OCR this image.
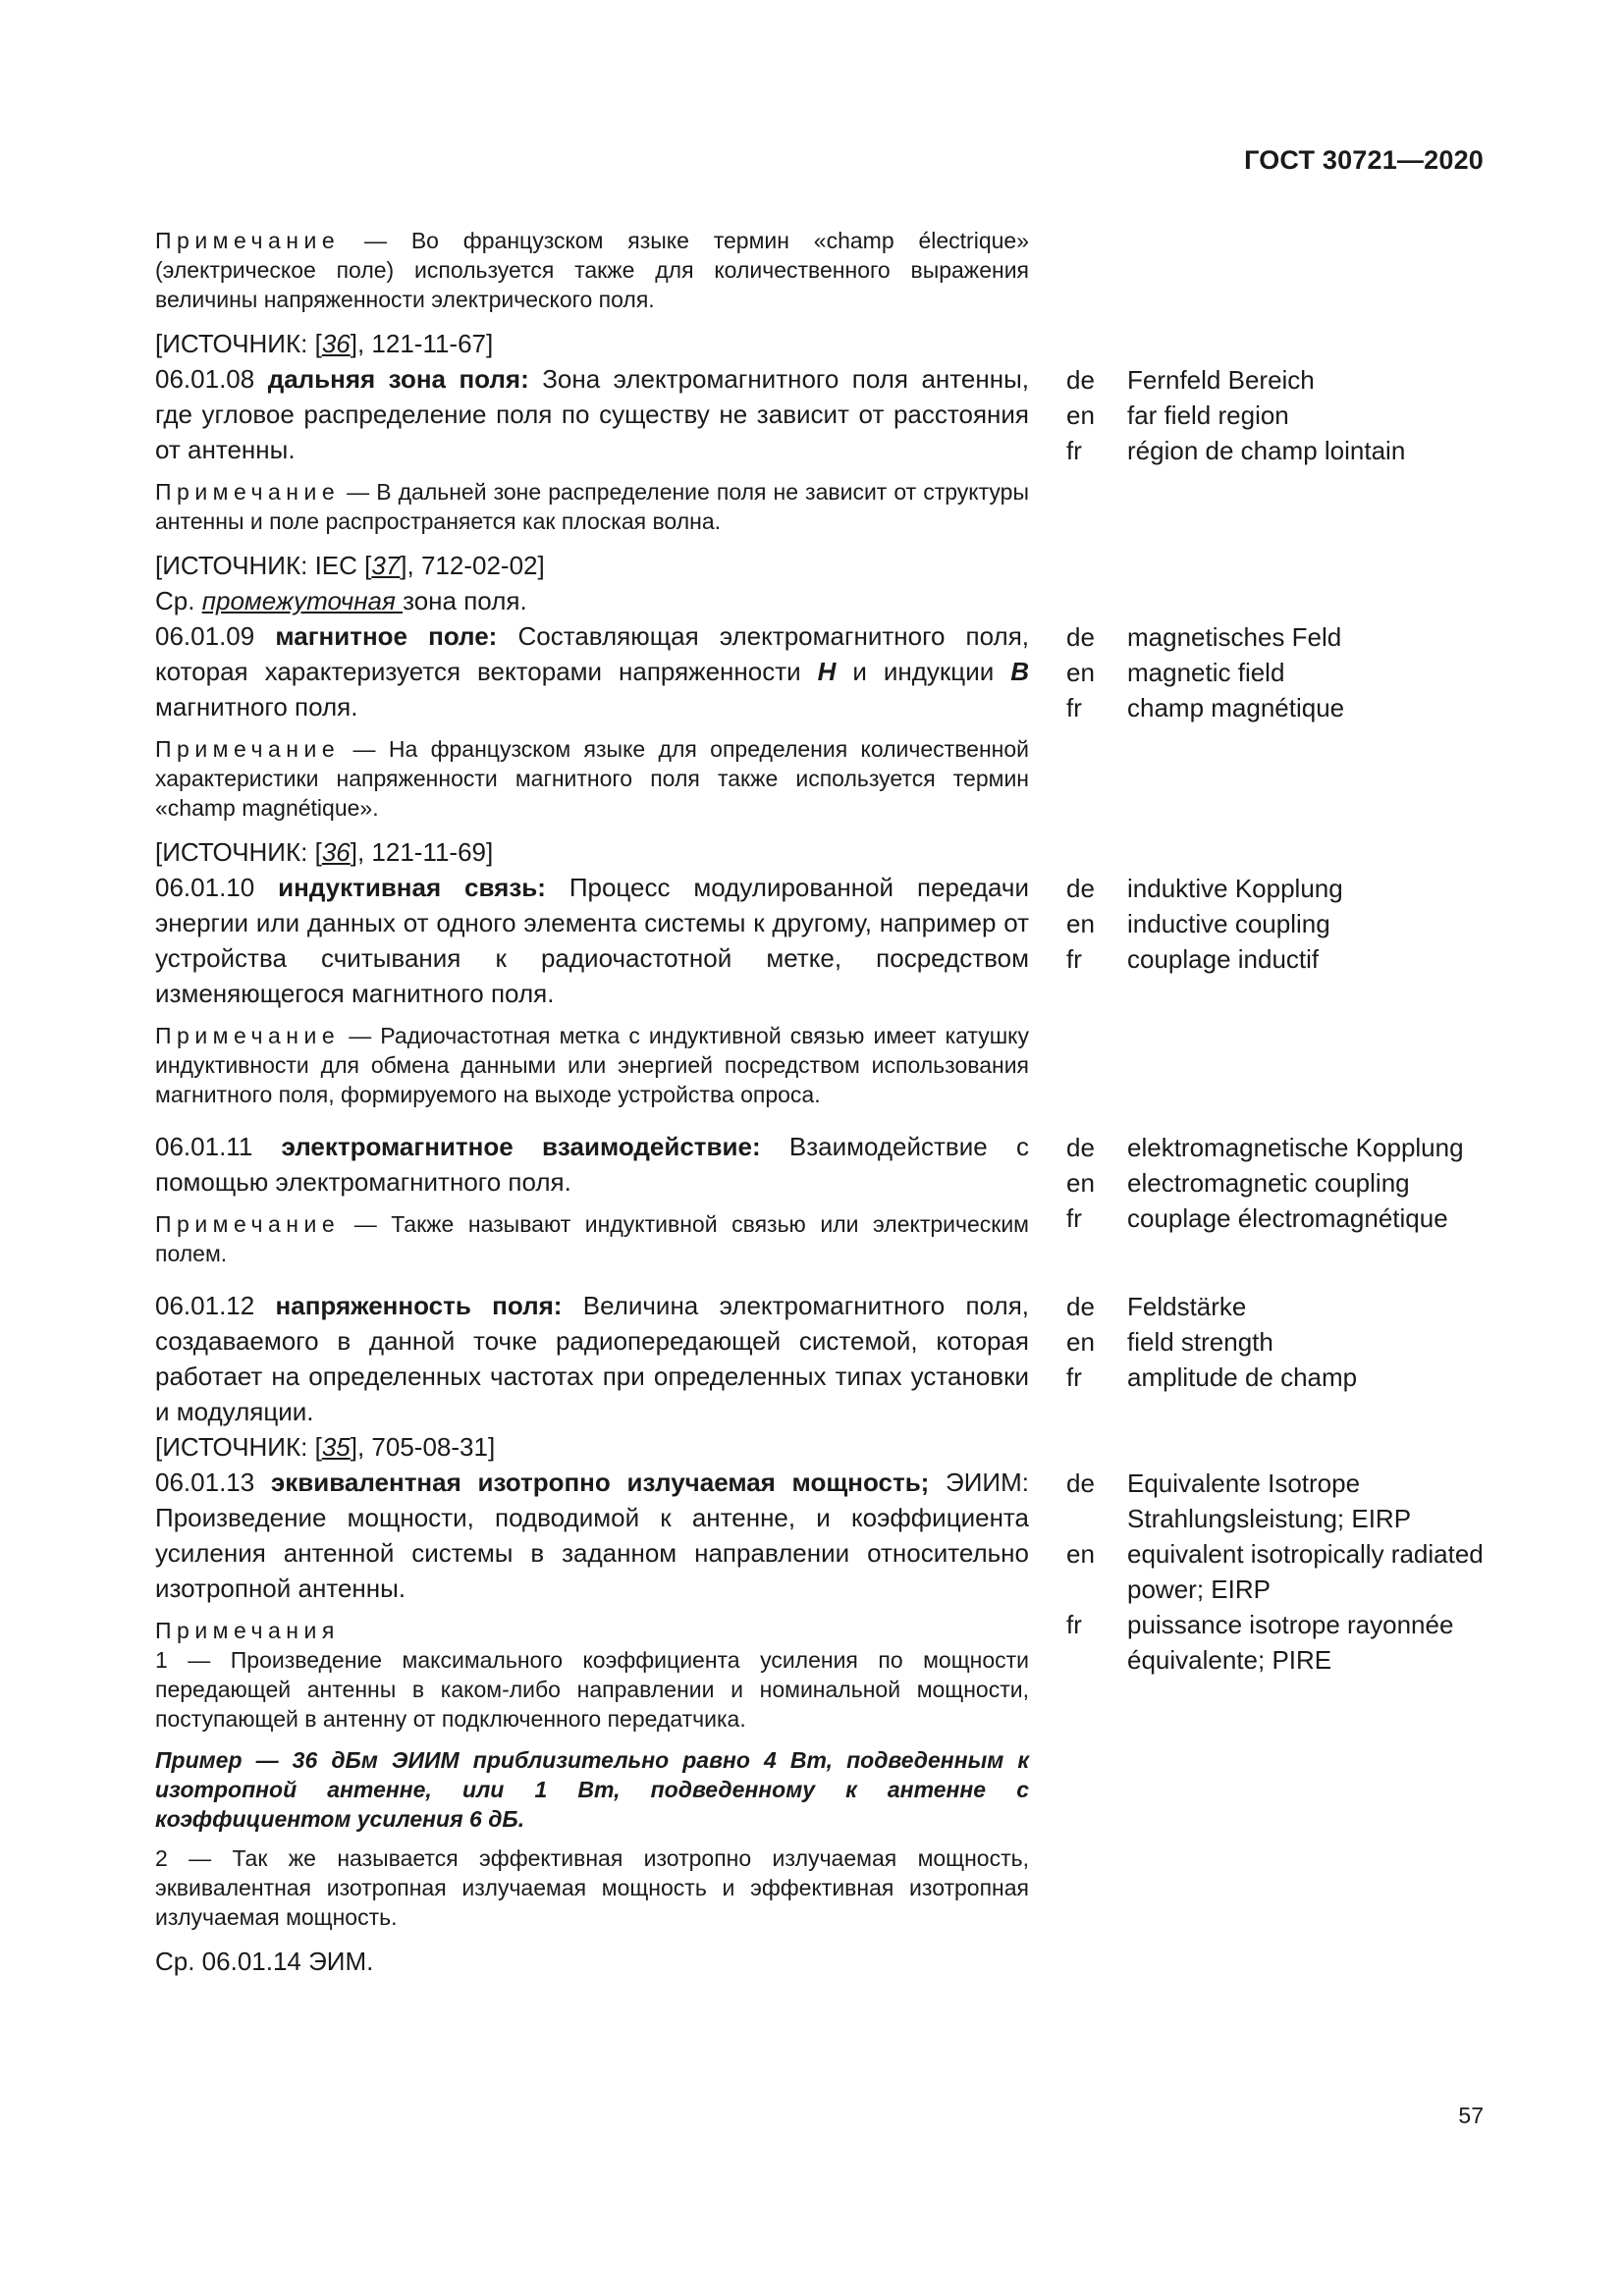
ГОСТ 30721—2020
Примечание — Во французском языке термин «champ électrique» (электрическое поле) используется также для количественного выражения величины напряженности электрического поля.
[ИСТОЧНИК: [36], 121-11-67]
06.01.08 дальняя зона поля: Зона электромагнитного поля антенны, где угловое распределение поля по существу не зависит от расстояния от антенны.
Примечание — В дальней зоне распределение поля не зависит от структуры антенны и поле распространяется как плоская волна.
[ИСТОЧНИК: IEC [37], 712-02-02]
Ср. промежуточная зона поля.
de	Fernfeld Bereich
en	far field region
fr	région de champ lointain
06.01.09 магнитное поле: Составляющая электромагнитного поля, которая характеризуется векторами напряженности H и индукции B магнитного поля.
Примечание — На французском языке для определения количественной характеристики напряженности магнитного поля также используется термин «champ magnétique».
[ИСТОЧНИК: [36], 121-11-69]
de	magnetisches Feld
en	magnetic field
fr	champ magnétique
06.01.10 индуктивная связь: Процесс модулированной передачи энергии или данных от одного элемента системы к другому, например от устройства считывания к радиочастотной метке, посредством изменяющегося магнитного поля.
Примечание — Радиочастотная метка с индуктивной связью имеет катушку индуктивности для обмена данными или энергией посредством использования магнитного поля, формируемого на выходе устройства опроса.
de	induktive Kopplung
en	inductive coupling
fr	couplage inductif
06.01.11 электромагнитное взаимодействие: Взаимодействие с помощью электромагнитного поля.
Примечание — Также называют индуктивной связью или электрическим полем.
de	elektromagnetische Kopplung
en	electromagnetic coupling
fr	couplage électromagnétique
06.01.12 напряженность поля: Величина электромагнитного поля, создаваемого в данной точке радиопередающей системой, которая работает на определенных частотах при определенных типах установки и модуляции.
[ИСТОЧНИК: [35], 705-08-31]
de	Feldstärke
en	field strength
fr	amplitude de champ
06.01.13 эквивалентная изотропно излучаемая мощность; ЭИИМ: Произведение мощности, подводимой к антенне, и коэффициента усиления антенной системы в заданном направлении относительно изотропной антенны.
Примечания
1 — Произведение максимального коэффициента усиления по мощности передающей антенны в каком-либо направлении и номинальной мощности, поступающей в антенну от подключенного передатчика.
Пример — 36 дБм ЭИИМ приблизительно равно 4 Вт, подведенным к изотропной антенне, или 1 Вт, подведенному к антенне с коэффициентом усиления 6 дБ.
2 — Так же называется эффективная изотропно излучаемая мощность, эквивалентная изотропная излучаемая мощность и эффективная изотропная излучаемая мощность.
Ср. 06.01.14 ЭИМ.
de	Equivalente Isotrope Strahlungsleistung; EIRP
en	equivalent isotropically radiated power; EIRP
fr	puissance isotrope rayonnée équivalente; PIRE
57
